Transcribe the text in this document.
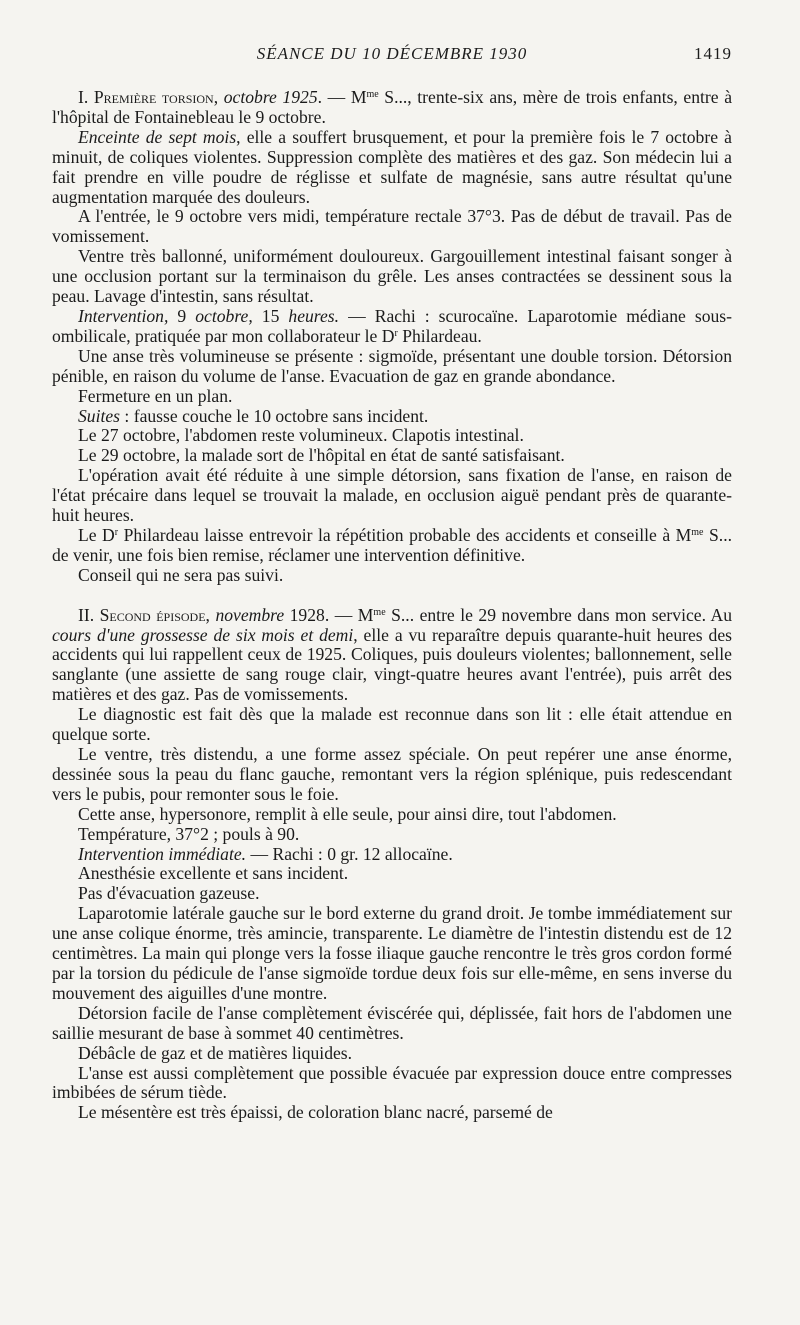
SÉANCE DU 10 DÉCEMBRE 1930	1419

I. Première torsion, octobre 1925. — $M^{me}$ S..., trente-six ans, mère de trois enfants, entre à l'hôpital de Fontainebleau le 9 octobre.

Enceinte de sept mois, elle a souffert brusquement, et pour la première fois le 7 octobre à minuit, de coliques violentes. Suppression complète des matières et des gaz. Son médecin lui a fait prendre en ville poudre de réglisse et sulfate de magnésie, sans autre résultat qu'une augmentation marquée des douleurs.

A l'entrée, le 9 octobre vers midi, température rectale 37°3. Pas de début de travail. Pas de vomissement.

Ventre très ballonné, uniformément douloureux. Gargouillement intestinal faisant songer à une occlusion portant sur la terminaison du grêle. Les anses contractées se dessinent sous la peau. Lavage d'intestin, sans résultat.

Intervention, 9 octobre, 15 heures. — Rachi : scurocaïne. Laparotomie médiane sous-ombilicale, pratiquée par mon collaborateur le $D^r$ Philardeau.

Une anse très volumineuse se présente : sigmoïde, présentant une double torsion. Détorsion pénible, en raison du volume de l'anse. Evacuation de gaz en grande abondance.

Fermeture en un plan.

Suites : fausse couche le 10 octobre sans incident.

Le 27 octobre, l'abdomen reste volumineux. Clapotis intestinal.

Le 29 octobre, la malade sort de l'hôpital en état de santé satisfaisant.

L'opération avait été réduite à une simple détorsion, sans fixation de l'anse, en raison de l'état précaire dans lequel se trouvait la malade, en occlusion aiguë pendant près de quarante-huit heures.

Le $D^r$ Philardeau laisse entrevoir la répétition probable des accidents et conseille à $M^{me}$ S... de venir, une fois bien remise, réclamer une intervention définitive.

Conseil qui ne sera pas suivi.

II. Second épisode, novembre 1928. — $M^{me}$ S... entre le 29 novembre dans mon service. Au cours d'une grossesse de six mois et demi, elle a vu reparaître depuis quarante-huit heures des accidents qui lui rappellent ceux de 1925. Coliques, puis douleurs violentes; ballonnement, selle sanglante (une assiette de sang rouge clair, vingt-quatre heures avant l'entrée), puis arrêt des matières et des gaz. Pas de vomissements.

Le diagnostic est fait dès que la malade est reconnue dans son lit : elle était attendue en quelque sorte.

Le ventre, très distendu, a une forme assez spéciale. On peut repérer une anse énorme, dessinée sous la peau du flanc gauche, remontant vers la région splénique, puis redescendant vers le pubis, pour remonter sous le foie.

Cette anse, hypersonore, remplit à elle seule, pour ainsi dire, tout l'abdomen.

Température, 37°2 ; pouls à 90.

Intervention immédiate. — Rachi : 0 gr. 12 allocaïne.

Anesthésie excellente et sans incident.

Pas d'évacuation gazeuse.

Laparotomie latérale gauche sur le bord externe du grand droit. Je tombe immédiatement sur une anse colique énorme, très amincie, transparente. Le diamètre de l'intestin distendu est de 12 centimètres. La main qui plonge vers la fosse iliaque gauche rencontre le très gros cordon formé par la torsion du pédicule de l'anse sigmoïde tordue deux fois sur elle-même, en sens inverse du mouvement des aiguilles d'une montre.

Détorsion facile de l'anse complètement éviscérée qui, déplissée, fait hors de l'abdomen une saillie mesurant de base à sommet 40 centimètres.

Débâcle de gaz et de matières liquides.

L'anse est aussi complètement que possible évacuée par expression douce entre compresses imbibées de sérum tiède.

Le mésentère est très épaissi, de coloration blanc nacré, parsemé de
